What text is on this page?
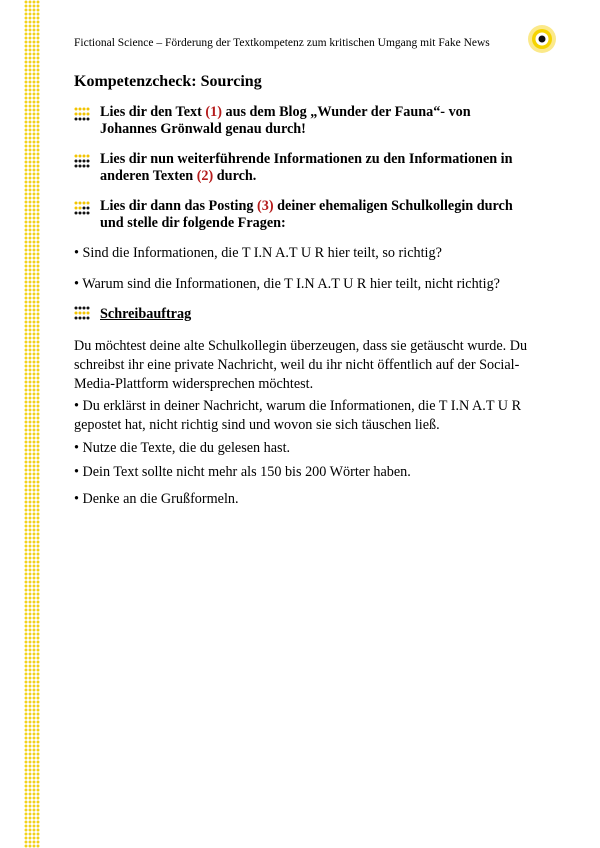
Fictional Science – Förderung der Textkompetenz zum kritischen Umgang mit Fake News
Kompetenzcheck: Sourcing
Lies dir den Text (1) aus dem Blog „Wunder der Fauna“- von Johannes Grönwald genau durch!
Lies dir nun weiterführende Informationen zu den Informationen in anderen Texten (2) durch.
Lies dir dann das Posting (3) deiner ehemaligen Schulkollegin durch und stelle dir folgende Fragen:
• Sind die Informationen, die T I.N A.T U R hier teilt, so richtig?
• Warum sind die Informationen, die T I.N A.T U R hier teilt, nicht richtig?
Schreibauftrag
Du möchtest deine alte Schulkollegin überzeugen, dass sie getäuscht wurde. Du schreibst ihr eine private Nachricht, weil du ihr nicht öffentlich auf der Social-Media-Plattform widersprechen möchtest.
• Du erklärst in deiner Nachricht, warum die Informationen, die T I.N A.T U R gepostet hat, nicht richtig sind und wovon sie sich täuschen ließ.
• Nutze die Texte, die du gelesen hast.
• Dein Text sollte nicht mehr als 150 bis 200 Wörter haben.
• Denke an die Grußformeln.
